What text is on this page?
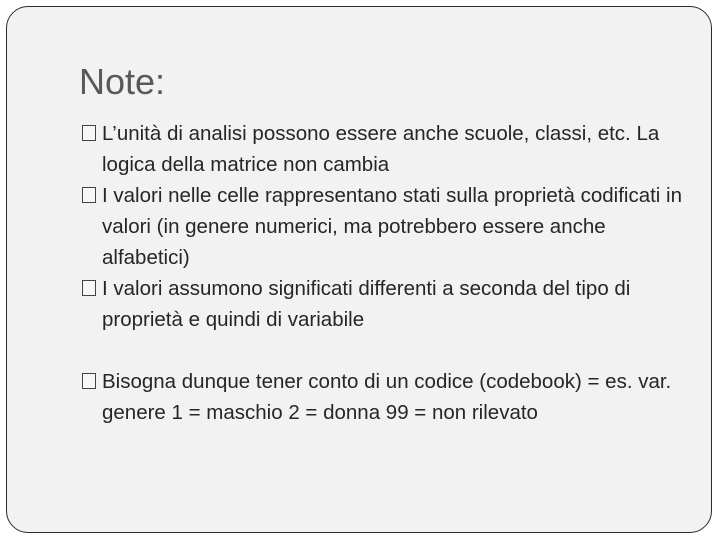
Note:
L’unità di analisi possono essere anche scuole, classi, etc. La logica della matrice non cambia
I valori nelle celle rappresentano stati sulla proprietà codificati in valori (in genere numerici, ma potrebbero essere anche alfabetici)
I valori assumono significati differenti a seconda del tipo di proprietà e quindi di variabile
Bisogna dunque tener conto di un codice (codebook) = es. var. genere 1 = maschio 2 = donna 99 = non rilevato
